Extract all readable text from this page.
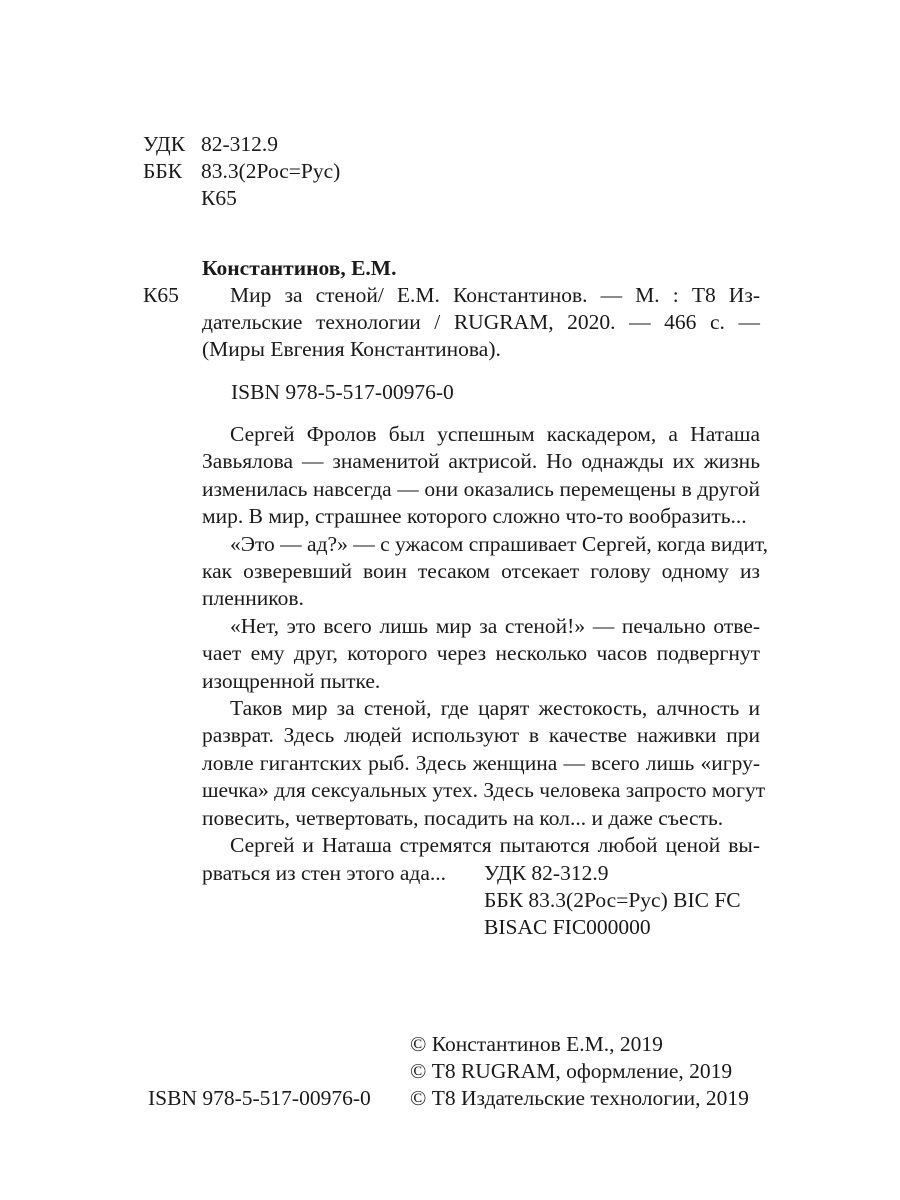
УДК 82-312.9
ББК 83.3(2Рос=Рус)
К65
Константинов, Е.М.
К65	Мир за стеной/ Е.М. Константинов. — М. : Т8 Из-
дательские технологии / RUGRAM, 2020. — 466 с. —
(Миры Евгения Константинова).
ISBN 978-5-517-00976-0
Сергей Фролов был успешным каскадером, а Наташа
Завьялова — знаменитой актрисой. Но однажды их жизнь
изменилась навсегда — они оказались перемещены в другой
мир. В мир, страшнее которого сложно что-то вообразить...
«Это — ад?» — с ужасом спрашивает Сергей, когда видит,
как озверевший воин тесаком отсекает голову одному из
пленников.
«Нет, это всего лишь мир за стеной!» — печально отве-
чает ему друг, которого через несколько часов подвергнут
изощренной пытке.
Таков мир за стеной, где царят жестокость, алчность и
разврат. Здесь людей используют в качестве наживки при
ловле гигантских рыб. Здесь женщина — всего лишь «игру-
шечка» для сексуальных утех. Здесь человека запросто могут
повесить, четвертовать, посадить на кол... и даже съесть.
Сергей и Наташа стремятся пытаются любой ценой вы-
рваться из стен этого ада...	УДК 82-312.9
ББК 83.3(2Рос=Рус) BIC FC
BISAC FIC000000
ISBN 978-5-517-00976-0
© Константинов Е.М., 2019
© Т8 RUGRAM, оформление, 2019
© Т8 Издательские технологии, 2019
